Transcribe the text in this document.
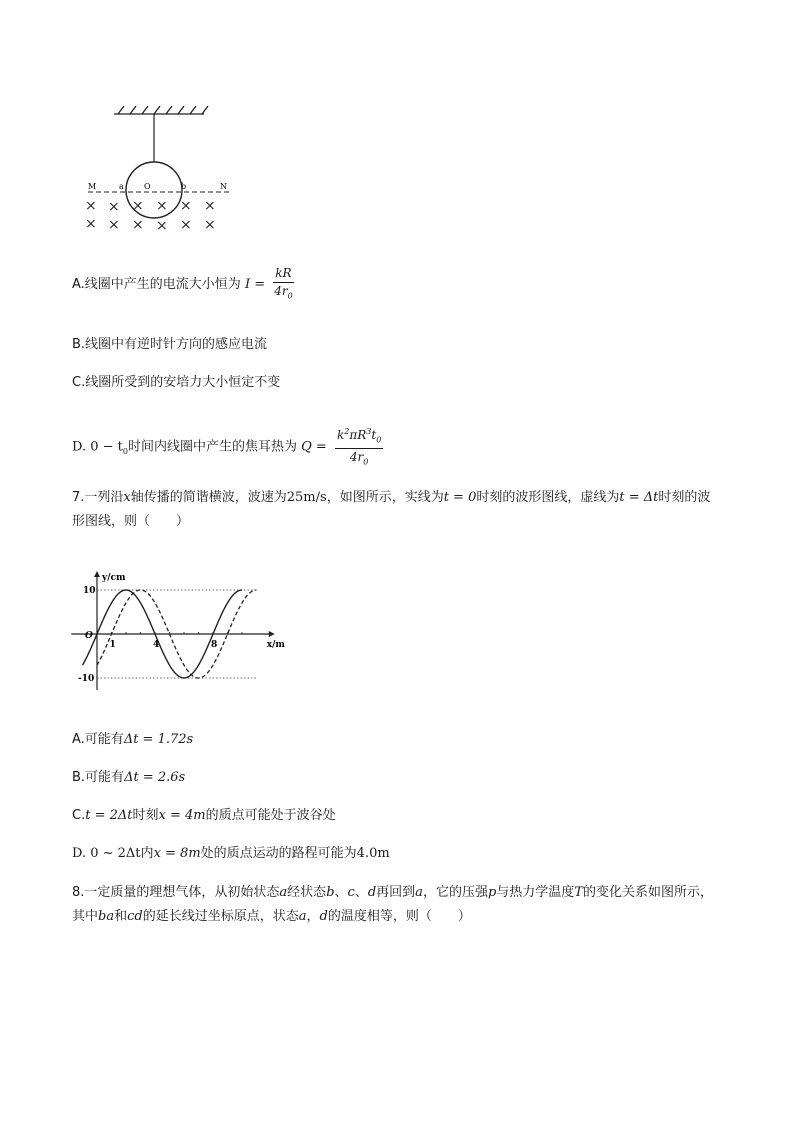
M	a	O	b	N
× × × × × ×
× × × × × ×
A.线圈中产生的电流大小恒为 $I = \frac{kR}{4r_0}$
B.线圈中有逆时针方向的感应电流
C.线圈所受到的安培力大小恒定不变
D. $0 - t_0$时间内线圈中产生的焦耳热为 $Q = \frac{k^2\pi R^3t_0}{4r_0}$
7.一列沿x轴传播的简谐横波，波速为25m/s，如图所示，实线为t = 0时刻的波形图线，虚线为t = Δt时刻的波形图线，则（　　）
y/cm
x/m
O
1	4	8
10
-10
A.可能有Δt = 1.72s
B.可能有Δt = 2.6s
C.t = 2Δt时刻x = 4m的质点可能处于波谷处
D. 0 ~ 2Δt内x = 8m处的质点运动的路程可能为4.0m
8.一定质量的理想气体，从初始状态a经状态b、c、d再回到a，它的压强p与热力学温度T的变化关系如图所示，其中ba和cd的延长线过坐标原点，状态a，d的温度相等，则（　　）
